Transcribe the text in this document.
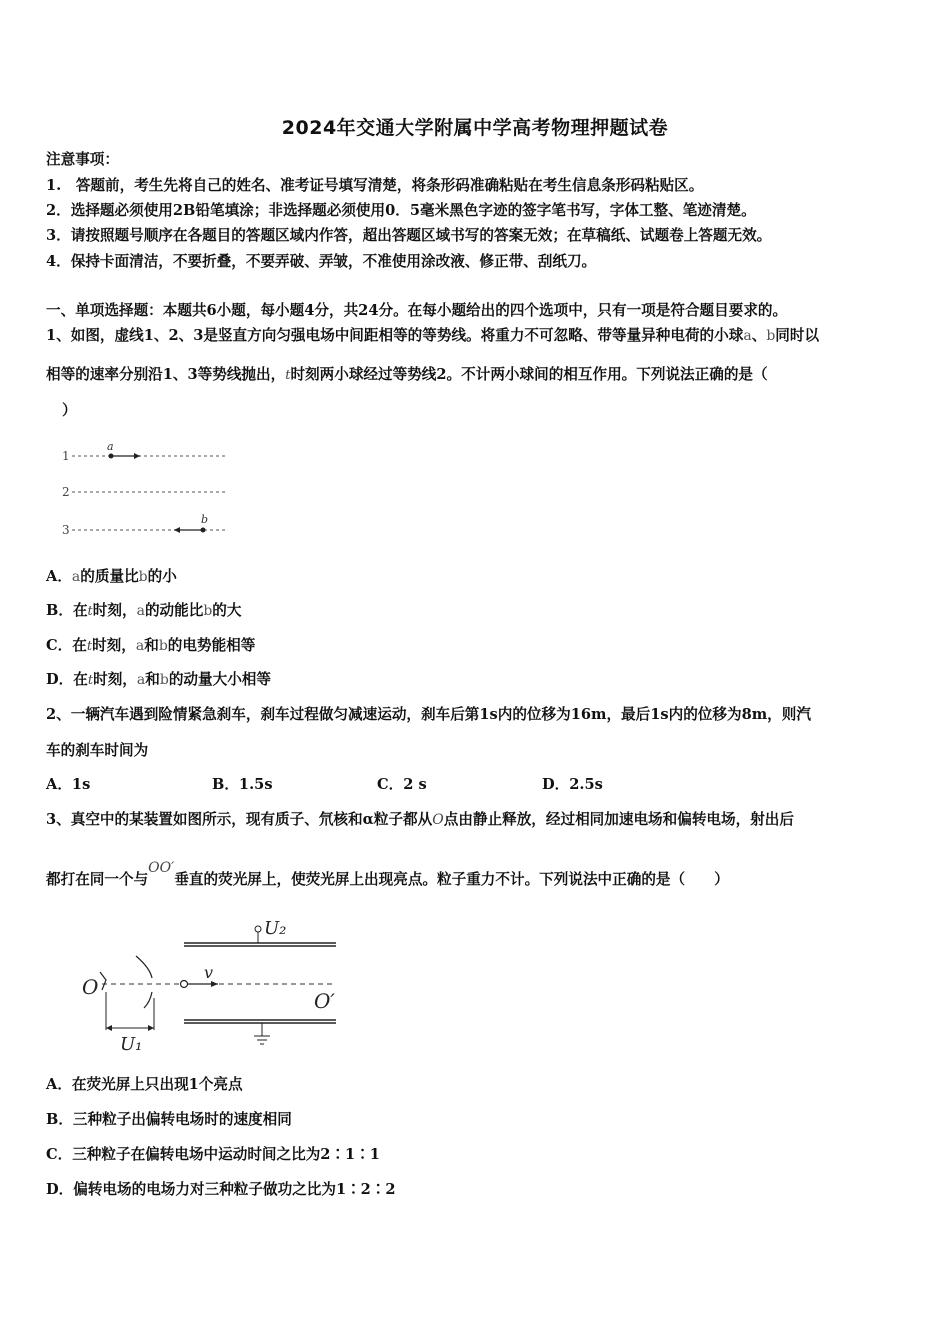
2024年交通大学附属中学高考物理押题试卷
注意事项：
1.　答题前，考生先将自己的姓名、准考证号填写清楚，将条形码准确粘贴在考生信息条形码粘贴区。
2．选择题必须使用2B铅笔填涂；非选择题必须使用0．5毫米黑色字迹的签字笔书写，字体工整、笔迹清楚。
3．请按照题号顺序在各题目的答题区域内作答，超出答题区域书写的答案无效；在草稿纸、试题卷上答题无效。
4．保持卡面清洁，不要折叠，不要弄破、弄皱，不准使用涂改液、修正带、刮纸刀。
一、单项选择题：本题共6小题，每小题4分，共24分。在每小题给出的四个选项中，只有一项是符合题目要求的。
1、如图，虚线1、2、3是竖直方向匀强电场中间距相等的等势线。将重力不可忽略、带等量异种电荷的小球a、b同时以
相等的速率分别沿1、3等势线抛出，t时刻两小球经过等势线2。不计两小球间的相互作用。下列说法正确的是（
）
1
2
3
a
b
A．a的质量比b的小
B．在t时刻，a的动能比b的大
C．在t时刻，a和b的电势能相等
D．在t时刻，a和b的动量大小相等
2、一辆汽车遇到险情紧急刹车，刹车过程做匀减速运动，刹车后第1s内的位移为16m，最后1s内的位移为8m，则汽
车的刹车时间为
A．1s	B．1.5s	C．2 s	D．2.5s
3、真空中的某装置如图所示，现有质子、氘核和α粒子都从O点由静止释放，经过相同加速电场和偏转电场，射出后
都打在同一个与OO′垂直的荧光屏上，使荧光屏上出现亮点。粒子重力不计。下列说法中正确的是（　　）
U₂
O
O′
U₁
v
A．在荧光屏上只出现1个亮点
B．三种粒子出偏转电场时的速度相同
C．三种粒子在偏转电场中运动时间之比为2∶1∶1
D．偏转电场的电场力对三种粒子做功之比为1∶2∶2
